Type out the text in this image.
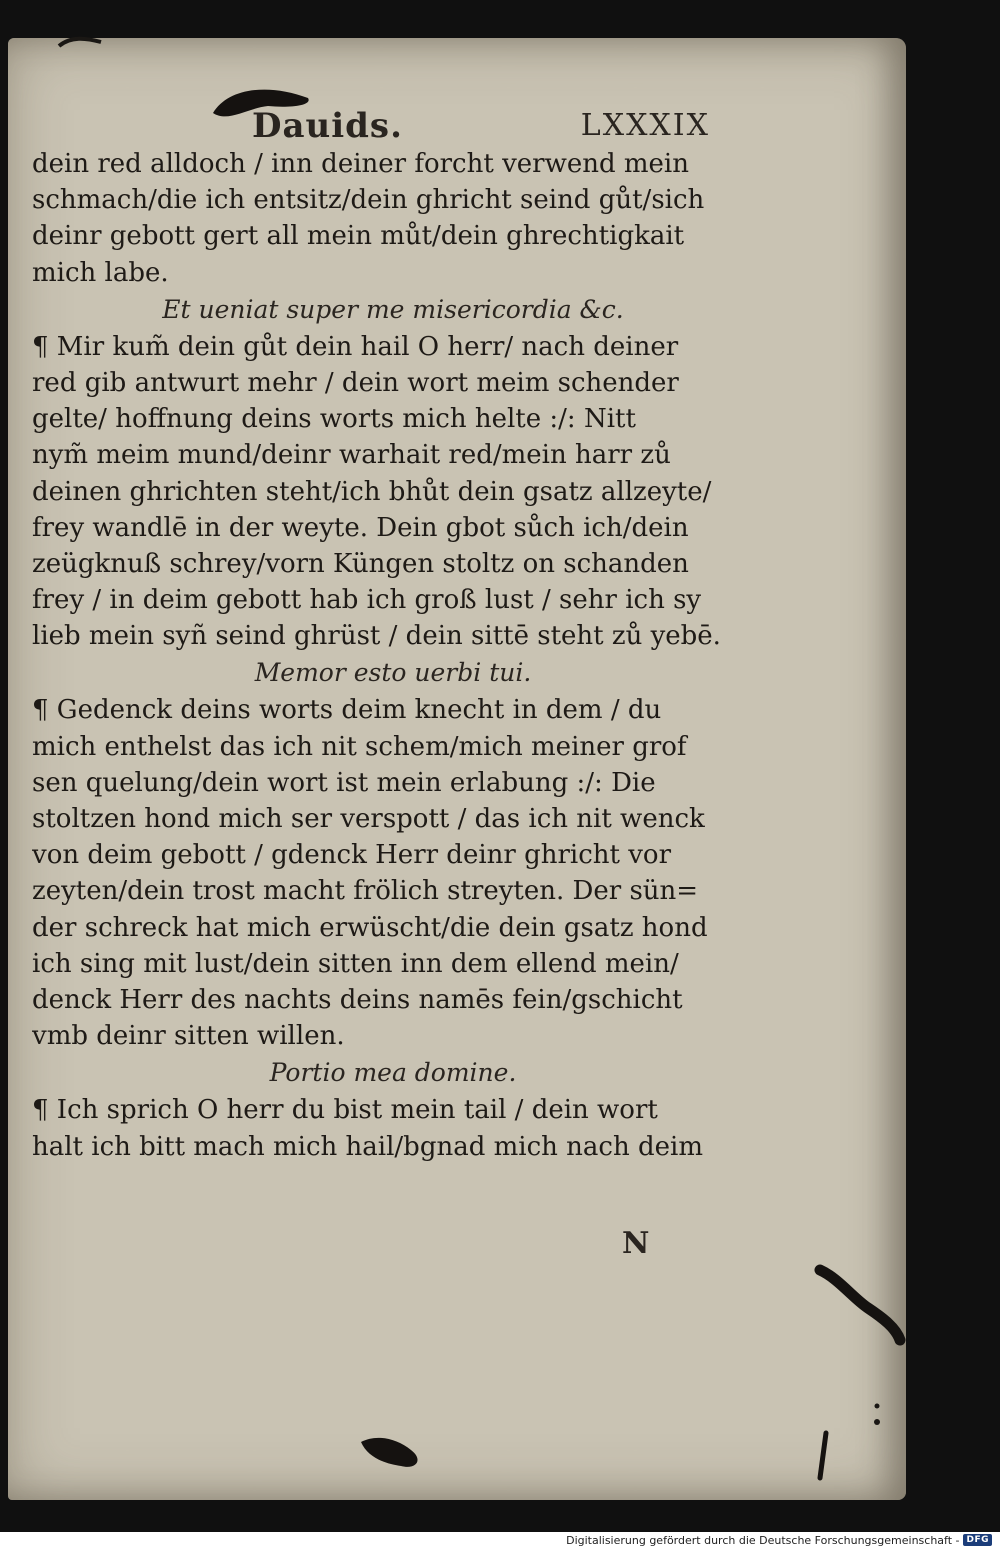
Dauids.	LXXXIX
dein red alldoch / inn deiner forcht verwend mein
schmach/die ich entsitz/dein ghricht seind gůt/sich
deinr gebott gert all mein můt/dein ghrechtigkait
mich labe.
Et ueniat super me misericordia &c.
¶ Mir kum̃ dein gůt dein hail O herr/ nach deiner
red gib antwurt mehr / dein wort meim schender
gelte/ hoffnung deins worts mich helte :/: Nitt
nym̃ meim mund/deinr warhait red/mein harr zů
deinen ghrichten steht/ich bhůt dein gsatz allzeyte/
frey wandlē in der weyte. Dein gbot sůch ich/dein
zeügknuß schrey/vorn Küngen stoltz on schanden
frey / in deim gebott hab ich groß lust / sehr ich sy
lieb mein syñ seind ghrüst / dein sittē steht zů yebē.
Memor esto uerbi tui.
¶ Gedenck deins worts deim knecht in dem / du
mich enthelst das ich nit schem/mich meiner grof
sen quelung/dein wort ist mein erlabung :/: Die
stoltzen hond mich ser verspott / das ich nit wenck
von deim gebott / gdenck Herr deinr ghricht vor
zeyten/dein trost macht frölich streyten. Der sün=
der schreck hat mich erwüscht/die dein gsatz hond
ich sing mit lust/dein sitten inn dem ellend mein/
denck Herr des nachts deins namēs fein/gschicht
vmb deinr sitten willen.
Portio mea domine.
¶ Ich sprich O herr du bist mein tail / dein wort
halt ich bitt mach mich hail/bgnad mich nach deim
N
Digitalisierung gefördert durch die Deutsche Forschungsgemeinschaft - DFG
